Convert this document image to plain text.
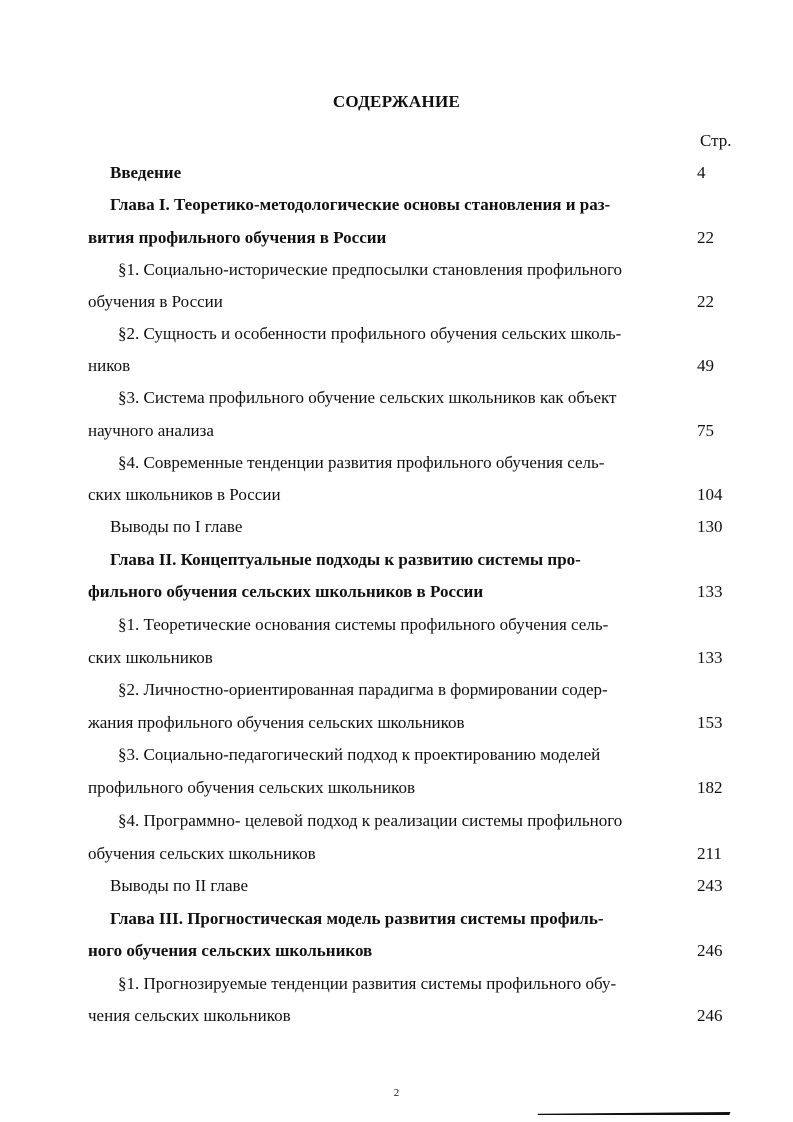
СОДЕРЖАНИЕ
Стр.
Введение	4
Глава I. Теоретико-методологические основы становления и раз-
вития профильного обучения в России	22
§1. Социально-исторические предпосылки становления профильного
обучения в России	22
§2. Сущность и особенности профильного обучения сельских школь-
ников	49
§3. Система профильного обучение сельских школьников как объект
научного анализа	75
§4. Современные тенденции развития профильного обучения сель-
ских школьников в России	104
Выводы по I главе	130
Глава II. Концептуальные подходы к развитию системы про-
фильного обучения сельских школьников в России	133
§1. Теоретические основания системы профильного обучения сель-
ских школьников	133
§2. Личностно-ориентированная парадигма в формировании содер-
жания профильного обучения сельских школьников	153
§3. Социально-педагогический подход к проектированию моделей
профильного обучения сельских школьников	182
§4. Программно- целевой подход к реализации системы профильного
обучения сельских школьников	211
Выводы по II главе	243
Глава III. Прогностическая модель развития системы профиль-
ного обучения сельских школьников	246
§1. Прогнозируемые тенденции развития системы профильного обу-
чения сельских школьников	246
2
